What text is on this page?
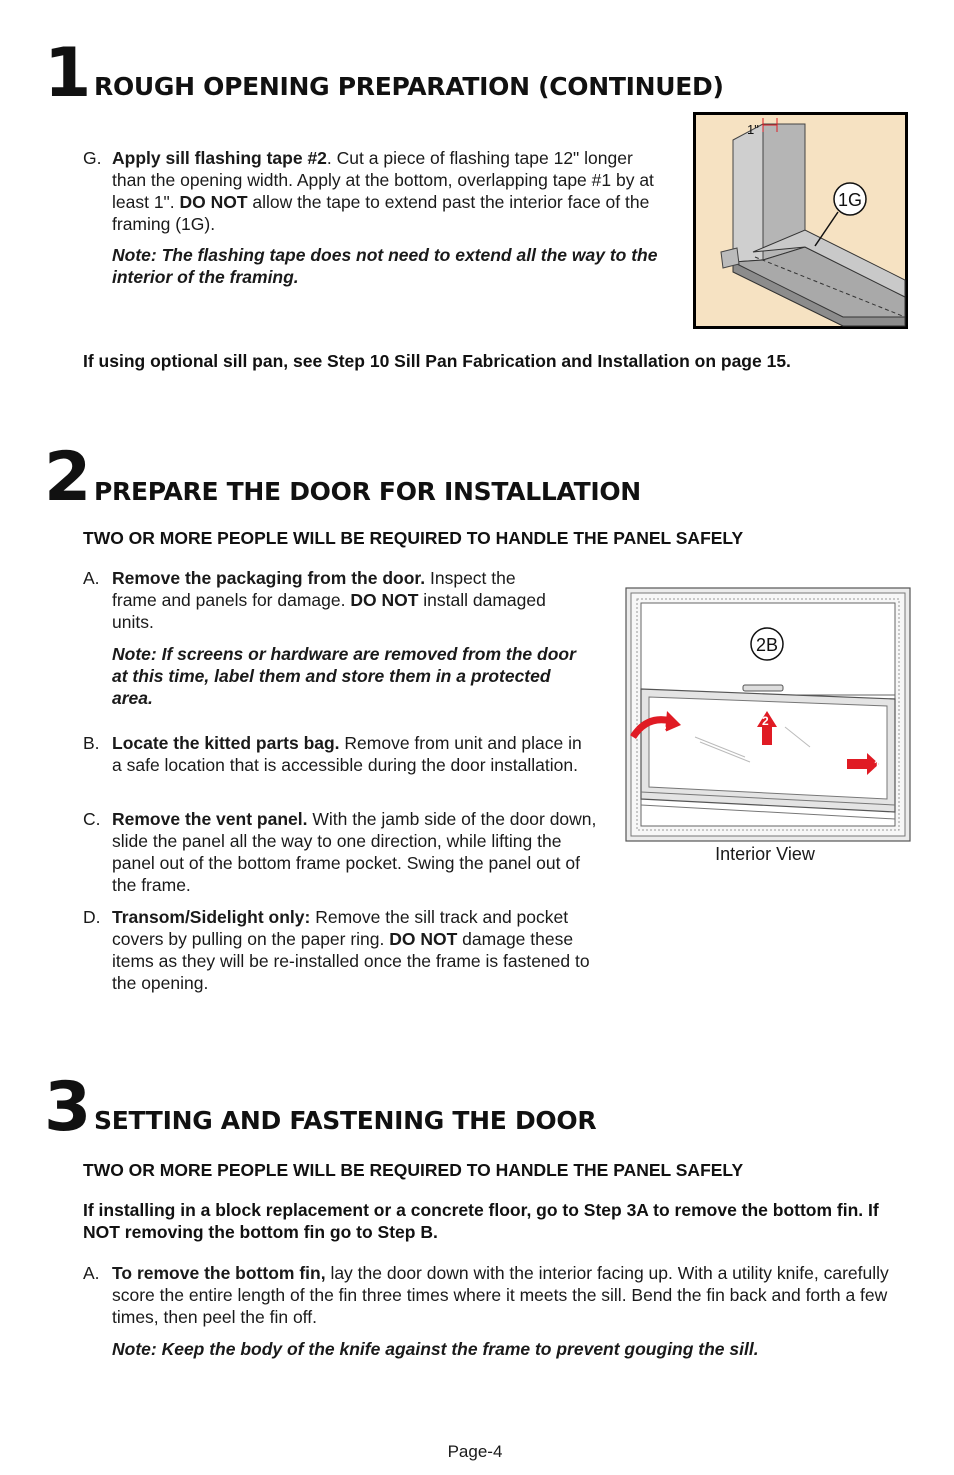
1 ROUGH OPENING PREPARATION (CONTINUED)
G. Apply sill flashing tape #2. Cut a piece of flashing tape 12" longer than the opening width. Apply at the bottom, overlapping tape #1 by at least 1". DO NOT allow the tape to extend past the interior face of the framing (1G).
Note: The flashing tape does not need to extend all the way to the interior of the framing.
1"
1G
If using optional sill pan, see Step 10 Sill Pan Fabrication and Installation on page 15.
2 PREPARE THE DOOR FOR INSTALLATION
TWO OR MORE PEOPLE WILL BE REQUIRED TO HANDLE THE PANEL SAFELY
A. Remove the packaging from the door. Inspect the frame and panels for damage. DO NOT install damaged units.
Note: If screens or hardware are removed from the door at this time, label them and store them in a protected area.
B. Locate the kitted parts bag. Remove from unit and place in a safe location that is accessible during the door installation.
C. Remove the vent panel. With the jamb side of the door down, slide the panel all the way to one direction, while lifting the panel out of the bottom frame pocket. Swing the panel out of the frame.
D. Transom/Sidelight only: Remove the sill track and pocket covers by pulling on the paper ring. DO NOT damage these items as they will be re-installed once the frame is fastened to the opening.
3
2
1
2B
Interior View
3 SETTING AND FASTENING THE DOOR
TWO OR MORE PEOPLE WILL BE REQUIRED TO HANDLE THE PANEL SAFELY
If installing in a block replacement or a concrete floor, go to Step 3A to remove the bottom fin. If NOT removing the bottom fin go to Step B.
A. To remove the bottom fin, lay the door down with the interior facing up. With a utility knife, carefully score the entire length of the fin three times where it meets the sill. Bend the fin back and forth a few times, then peel the fin off.
Note: Keep the body of the knife against the frame to prevent gouging the sill.
Page-4
